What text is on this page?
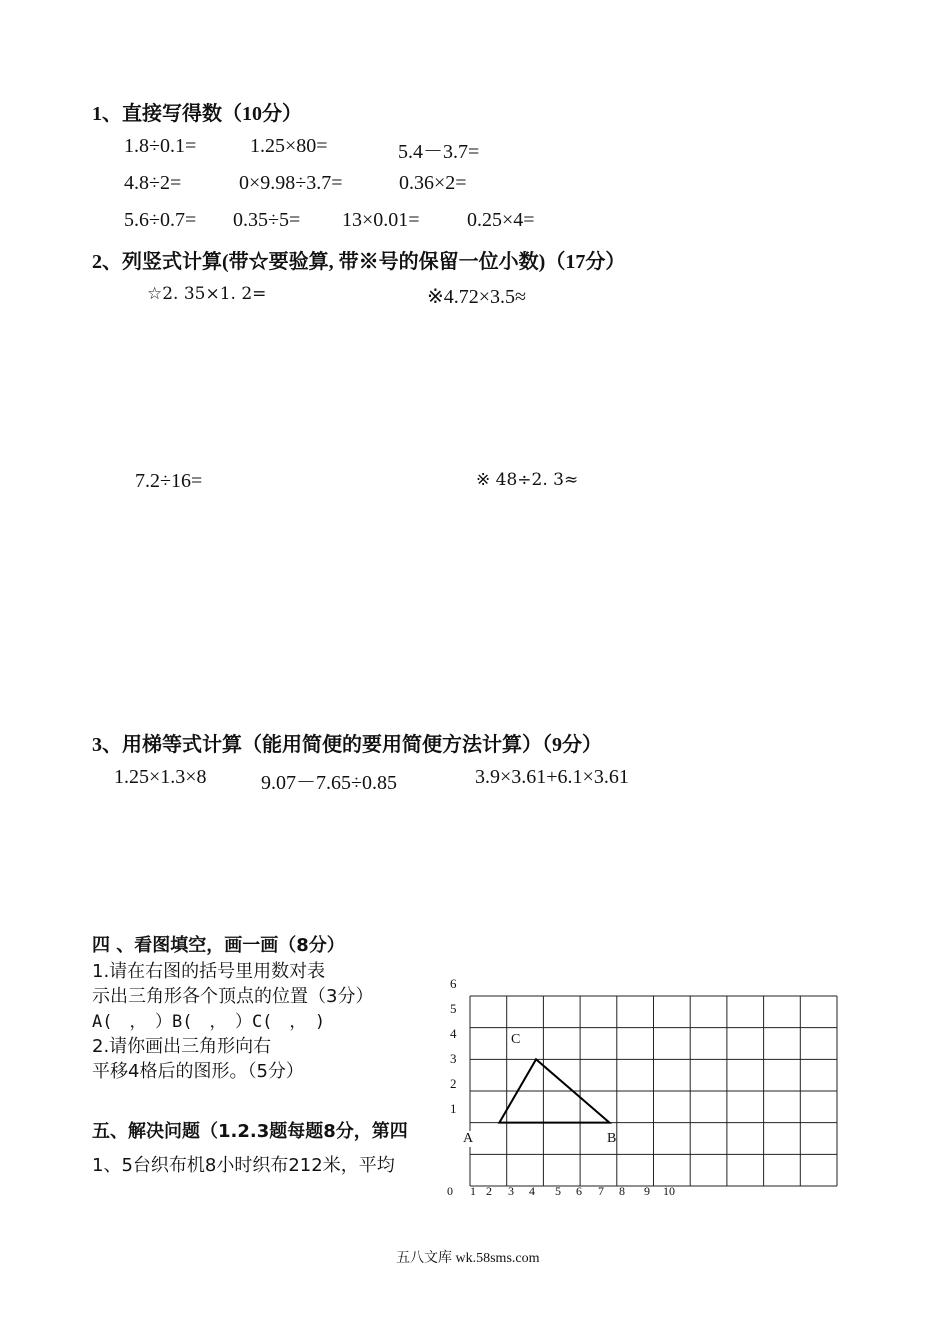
1、直接写得数（10分）
1.8÷0.1=	1.25×80=	5.4－3.7=
4.8÷2=	0×9.98÷3.7=	0.36×2=
5.6÷0.7= 0.35÷5= 13×0.01= 0.25×4=
2、列竖式计算(带☆要验算, 带※号的保留一位小数)（17分）
☆2. 35×1. 2=	※4.72×3.5≈
7.2÷16=	※ 48÷2. 3≈
3、用梯等式计算（能用简便的要用简便方法计算）（9分）
1.25×1.3×8	9.07－7.65÷0.85	3.9×3.61+6.1×3.61
四 、看图填空，画一画（8分）
1.请在右图的括号里用数对表
示出三角形各个顶点的位置（3分）
A(　，　）B(　，　）C(　，　)
2.请你画出三角形向右
平移4格后的图形。（5分）
6
5
4
3
2
1
0 1 2 3 4 5 6 7 8 9 10
C
B
五、解决问题（1.2.3题每题8分，第四
1、5台织布机8小时织布212米，平均
A
五八文库 wk.58sms.com
